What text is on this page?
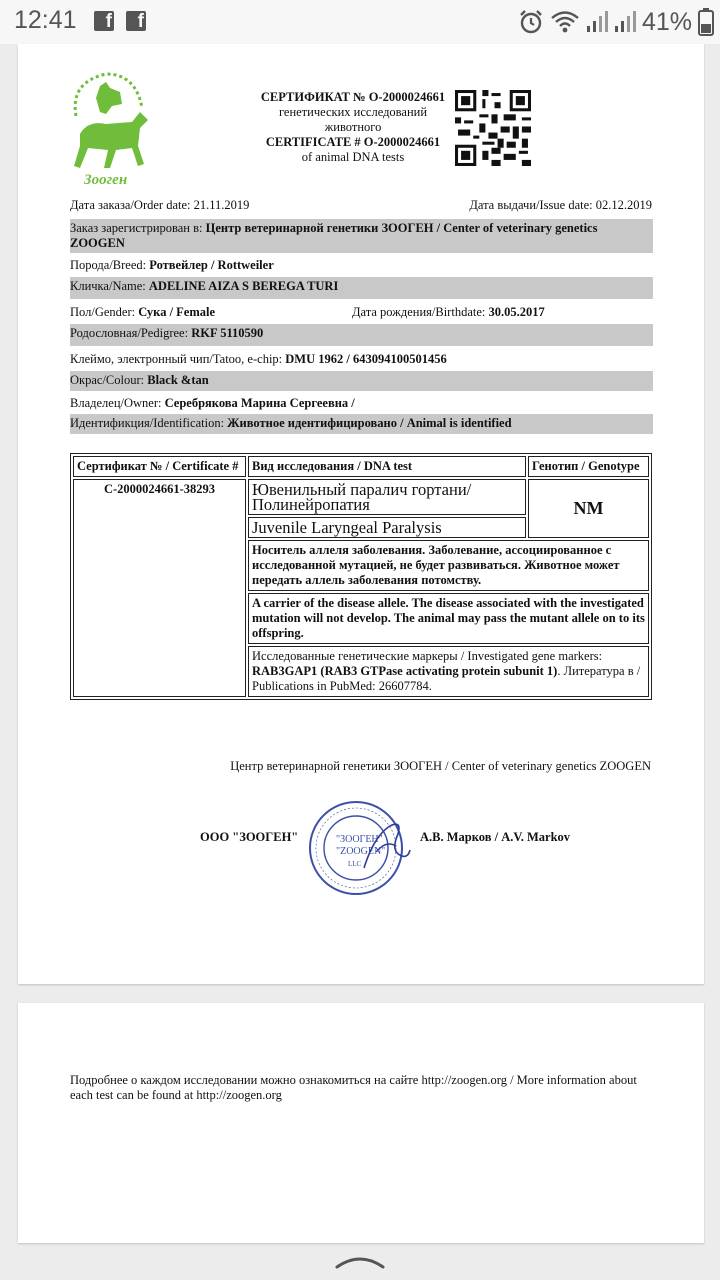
12:41	f	f	41%
Зоoген
СЕРТИФИКАТ № О-2000024661
генетических исследований
животного
CERTIFICATE # О-2000024661
of animal DNA tests
Дата заказа/Order date: 21.11.2019	Дата выдачи/Issue date: 02.12.2019
Заказ зарегистрирован в: Центр ветеринарной генетики ЗООГЕН / Center of veterinary genetics ZOOGEN
Порода/Breed: Ротвейлер / Rottweiler
Кличка/Name: ADELINE AIZA S BEREGA TURI
Пол/Gender: Сука / Female	Дата рождения/Birthdate: 30.05.2017
Родословная/Pedigree: RKF 5110590
Клеймо, электронный чип/Tatoo, e-chip: DMU 1962 / 643094100501456
Окрас/Colour: Black &tan
Владелец/Owner: Серебрякова Марина Сергеевна /
Идентификция/Identification: Животное идентифицировано / Animal is identified
Сертификат № / Certificate #	Вид исследования / DNA test	Генотип / Genotype
С-2000024661-38293	Ювенильный паралич гортани/Полинейропатия	NM
	Juvenile Laryngeal Paralysis	
	Носитель аллеля заболевания. Заболевание, ассоциированное с исследованной мутацией, не будет развиваться. Животное может передать аллель заболевания потомству.	
	A carrier of the disease allele. The disease associated with the investigated mutation will not develop. The animal may pass the mutant allele on to its offspring.	
	Исследованные генетические маркеры / Investigated gene markers: RAB3GAP1 (RAB3 GTPase activating protein subunit 1). Литература в / Publications in PubMed: 26607784.	
Центр ветеринарной генетики ЗООГЕН / Center of veterinary genetics ZOOGEN
ООО "ЗООГЕН"	"ЗООГЕН"
"ZOOGEN"
LLC
А.В. Марков / A.V. Markov
Подробнее о каждом исследовании можно ознакомиться на сайте http://zoogen.org / More information about each test can be found at http://zoogen.org
